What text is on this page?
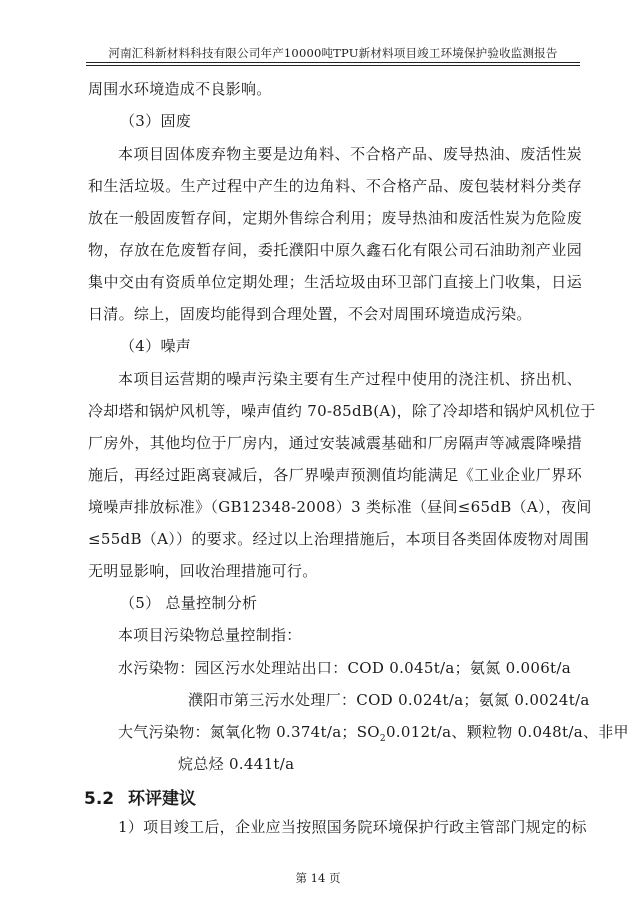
河南汇科新材料科技有限公司年产10000吨TPU新材料项目竣工环境保护验收监测报告
周围水环境造成不良影响。
（3）固废
本项目固体废弃物主要是边角料、不合格产品、废导热油、废活性炭
和生活垃圾。生产过程中产生的边角料、不合格产品、废包装材料分类存
放在一般固废暂存间，定期外售综合利用；废导热油和废活性炭为危险废
物，存放在危废暂存间，委托濮阳中原久鑫石化有限公司石油助剂产业园
集中交由有资质单位定期处理；生活垃圾由环卫部门直接上门收集，日运
日清。综上，固废均能得到合理处置，不会对周围环境造成污染。
（4）噪声
本项目运营期的噪声污染主要有生产过程中使用的浇注机、挤出机、
冷却塔和锅炉风机等，噪声值约 70-85dB(A)，除了冷却塔和锅炉风机位于
厂房外，其他均位于厂房内，通过安装减震基础和厂房隔声等减震降噪措
施后，再经过距离衰减后，各厂界噪声预测值均能满足《工业企业厂界环
境噪声排放标准》（GB12348-2008）3 类标准（昼间≤65dB（A），夜间
≤55dB（A））的要求。经过以上治理措施后，本项目各类固体废物对周围
无明显影响，回收治理措施可行。
（5） 总量控制分析
本项目污染物总量控制指：
水污染物：园区污水处理站出口：COD 0.045t/a；氨氮 0.006t/a
濮阳市第三污水处理厂：COD 0.024t/a；氨氮 0.0024t/a
大气污染物：氮氧化物 0.374t/a；$SO_20.012t/a$、颗粒物 0.048t/a、非甲
烷总烃 0.441t/a
5.2 环评建议
1）项目竣工后，企业应当按照国务院环境保护行政主管部门规定的标
第 14 页
